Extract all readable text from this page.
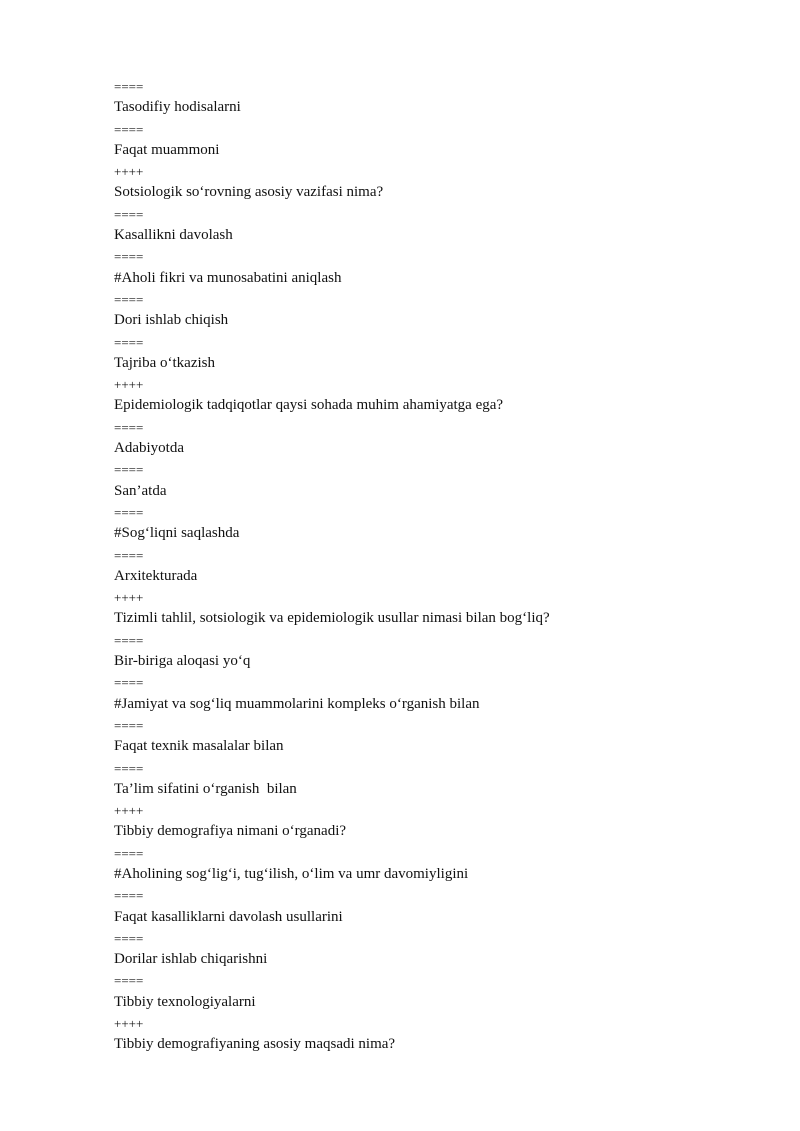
====
Tasodifiy hodisalarni
====
Faqat muammoni
++++
Sotsiologik so‘rovning asosiy vazifasi nima?
====
Kasallikni davolash
====
#Aholi fikri va munosabatini aniqlash
====
Dori ishlab chiqish
====
Tajriba o‘tkazish
++++
Epidemiologik tadqiqotlar qaysi sohada muhim ahamiyatga ega?
====
Adabiyotda
====
San’atda
====
#Sog‘liqni saqlashda
====
Arxitekturada
++++
Tizimli tahlil, sotsiologik va epidemiologik usullar nimasi bilan bog‘liq?
====
Bir-biriga aloqasi yo‘q
====
#Jamiyat va sog‘liq muammolarini kompleks o‘rganish bilan
====
Faqat texnik masalalar bilan
====
Ta’lim sifatini o‘rganish  bilan
++++
Tibbiy demografiya nimani o‘rganadi?
====
#Aholining sog‘lig‘i, tug‘ilish, o‘lim va umr davomiyligini
====
Faqat kasalliklarni davolash usullarini
====
Dorilar ishlab chiqarishni
====
Tibbiy texnologiyalarni
++++
Tibbiy demografiyaning asosiy maqsadi nima?
